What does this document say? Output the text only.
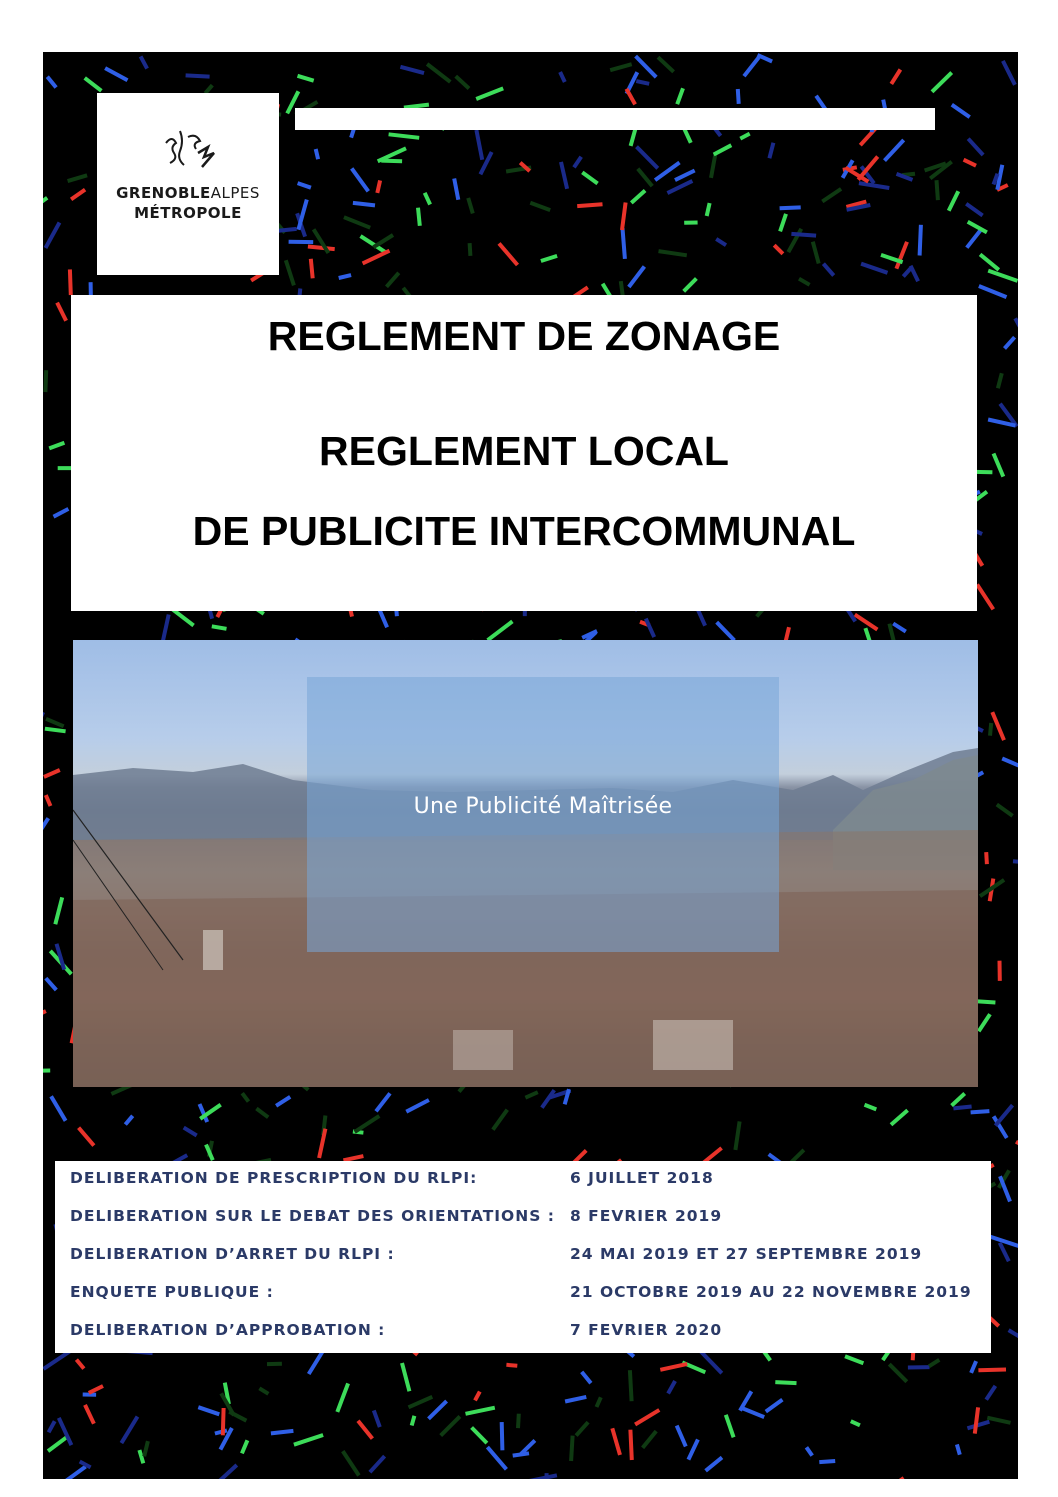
GRENOBLEALPES
MÉTROPOLE
REGLEMENT DE ZONAGE
REGLEMENT LOCAL
DE PUBLICITE INTERCOMMUNAL
Une Publicité Maîtrisée
DELIBERATION DE PRESCRIPTION DU RLPI:	6 JUILLET 2018
DELIBERATION SUR LE DEBAT DES ORIENTATIONS : 8 FEVRIER 2019
DELIBERATION D’ARRET DU RLPI :	24 MAI 2019 ET 27 SEPTEMBRE 2019
ENQUETE PUBLIQUE :	21 OCTOBRE 2019 AU 22 NOVEMBRE 2019
DELIBERATION D’APPROBATION :	7 FEVRIER 2020
